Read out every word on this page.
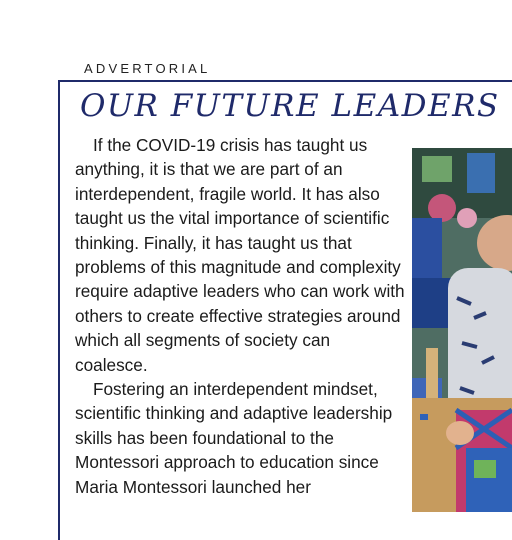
ADVERTORIAL
OUR FUTURE LEADERS

If the COVID-19 crisis has taught us anything, it is that we are part of an interdependent, fragile world. It has also taught us the vital importance of scientific thinking. Finally, it has taught us that problems of this magnitude and complexity require adaptive leaders who can work with others to create effective strategies around which all segments of society can coalesce.

Fostering an interdependent mindset, scientific thinking and adaptive leadership skills has been foundational to the Montessori approach to education since Maria Montessori launched her
